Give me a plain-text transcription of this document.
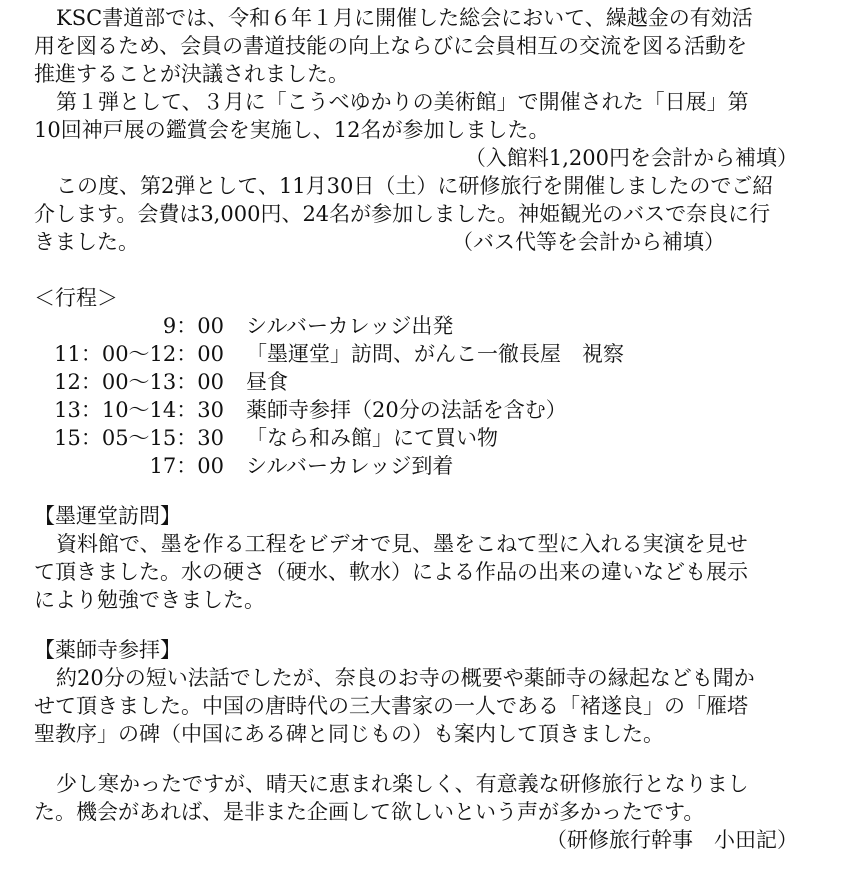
KSC書道部では、令和６年１月に開催した総会において、繰越金の有効活
用を図るため、会員の書道技能の向上ならびに会員相互の交流を図る活動を
推進することが決議されました。
第１弾として、３月に「こうべゆかりの美術館」で開催された「日展」第
10回神戸展の鑑賞会を実施し、12名が参加しました。
（入館料1,200円を会計から補填）
この度、第2弾として、11月30日（土）に研修旅行を開催しましたのでご紹
介します。会費は3,000円、24名が参加しました。神姫観光のバスで奈良に行
きました。	（バス代等を会計から補填）
＜行程＞
9：00 シルバーカレッジ出発
11：00～12：00 「墨運堂」訪問、がんこ一徹長屋　視察
12：00～13：00 昼食
13：10～14：30 薬師寺参拝（20分の法話を含む）
15：05～15：30 「なら和み館」にて買い物
17：00 シルバーカレッジ到着
【墨運堂訪問】
資料館で、墨を作る工程をビデオで見、墨をこねて型に入れる実演を見せ
て頂きました。水の硬さ（硬水、軟水）による作品の出来の違いなども展示
により勉強できました。
【薬師寺参拝】
約20分の短い法話でしたが、奈良のお寺の概要や薬師寺の縁起なども聞か
せて頂きました。中国の唐時代の三大書家の一人である「褚遂良」の「雁塔
聖教序」の碑（中国にある碑と同じもの）も案内して頂きました。
少し寒かったですが、晴天に恵まれ楽しく、有意義な研修旅行となりまし
た。機会があれば、是非また企画して欲しいという声が多かったです。
（研修旅行幹事　小田記）
